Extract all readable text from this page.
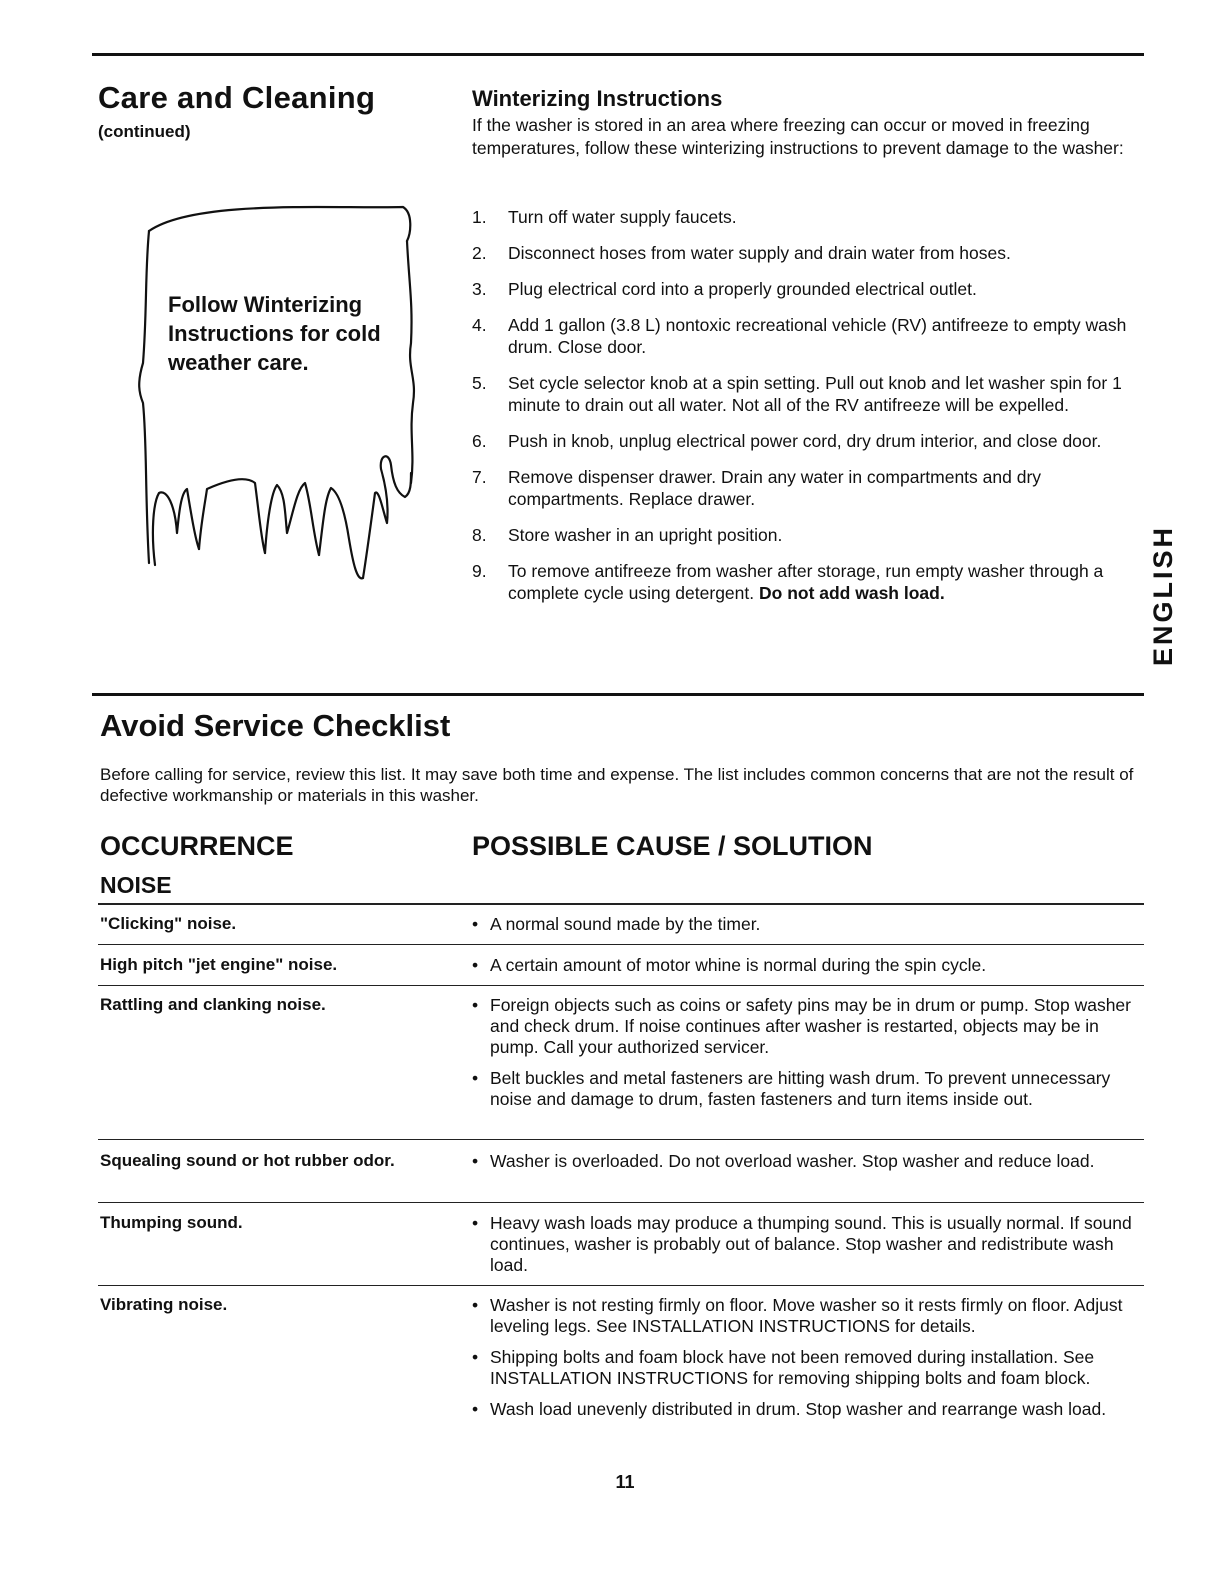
Care and Cleaning
(continued)
Follow Winterizing Instructions for cold weather care.
Winterizing Instructions
If the washer is stored in an area where freezing can occur or moved in freezing temperatures, follow these winterizing instructions to prevent damage to the washer:
1. Turn off water supply faucets.
2. Disconnect hoses from water supply and drain water from hoses.
3. Plug electrical cord into a properly grounded electrical outlet.
4. Add 1 gallon (3.8 L) nontoxic recreational vehicle (RV) antifreeze to empty wash drum. Close door.
5. Set cycle selector knob at a spin setting. Pull out knob and let washer spin for 1 minute to drain out all water. Not all of the RV antifreeze will be expelled.
6. Push in knob, unplug electrical power cord, dry drum interior, and close door.
7. Remove dispenser drawer. Drain any water in compartments and dry compartments. Replace drawer.
8. Store washer in an upright position.
9. To remove antifreeze from washer after storage, run empty washer through a complete cycle using detergent. Do not add wash load.	ENGLISH
Avoid Service Checklist
Before calling for service, review this list. It may save both time and expense. The list includes common concerns that are not the result of defective workmanship or materials in this washer.
OCCURRENCE	POSSIBLE CAUSE / SOLUTION
NOISE
"Clicking" noise.	• A normal sound made by the timer.
High pitch "jet engine" noise.	• A certain amount of motor whine is normal during the spin cycle.
Rattling and clanking noise.	• Foreign objects such as coins or safety pins may be in drum or pump. Stop washer and check drum. If noise continues after washer is restarted, objects may be in pump. Call your authorized servicer.
• Belt buckles and metal fasteners are hitting wash drum. To prevent unnecessary noise and damage to drum, fasten fasteners and turn items inside out.
Squealing sound or hot rubber odor.	• Washer is overloaded. Do not overload washer. Stop washer and reduce load.
Thumping sound.	• Heavy wash loads may produce a thumping sound. This is usually normal. If sound continues, washer is probably out of balance. Stop washer and redistribute wash load.
Vibrating noise.	• Washer is not resting firmly on floor. Move washer so it rests firmly on floor. Adjust leveling legs. See INSTALLATION INSTRUCTIONS for details.
• Shipping bolts and foam block have not been removed during installation. See INSTALLATION INSTRUCTIONS for removing shipping bolts and foam block.
• Wash load unevenly distributed in drum. Stop washer and rearrange wash load.
11
